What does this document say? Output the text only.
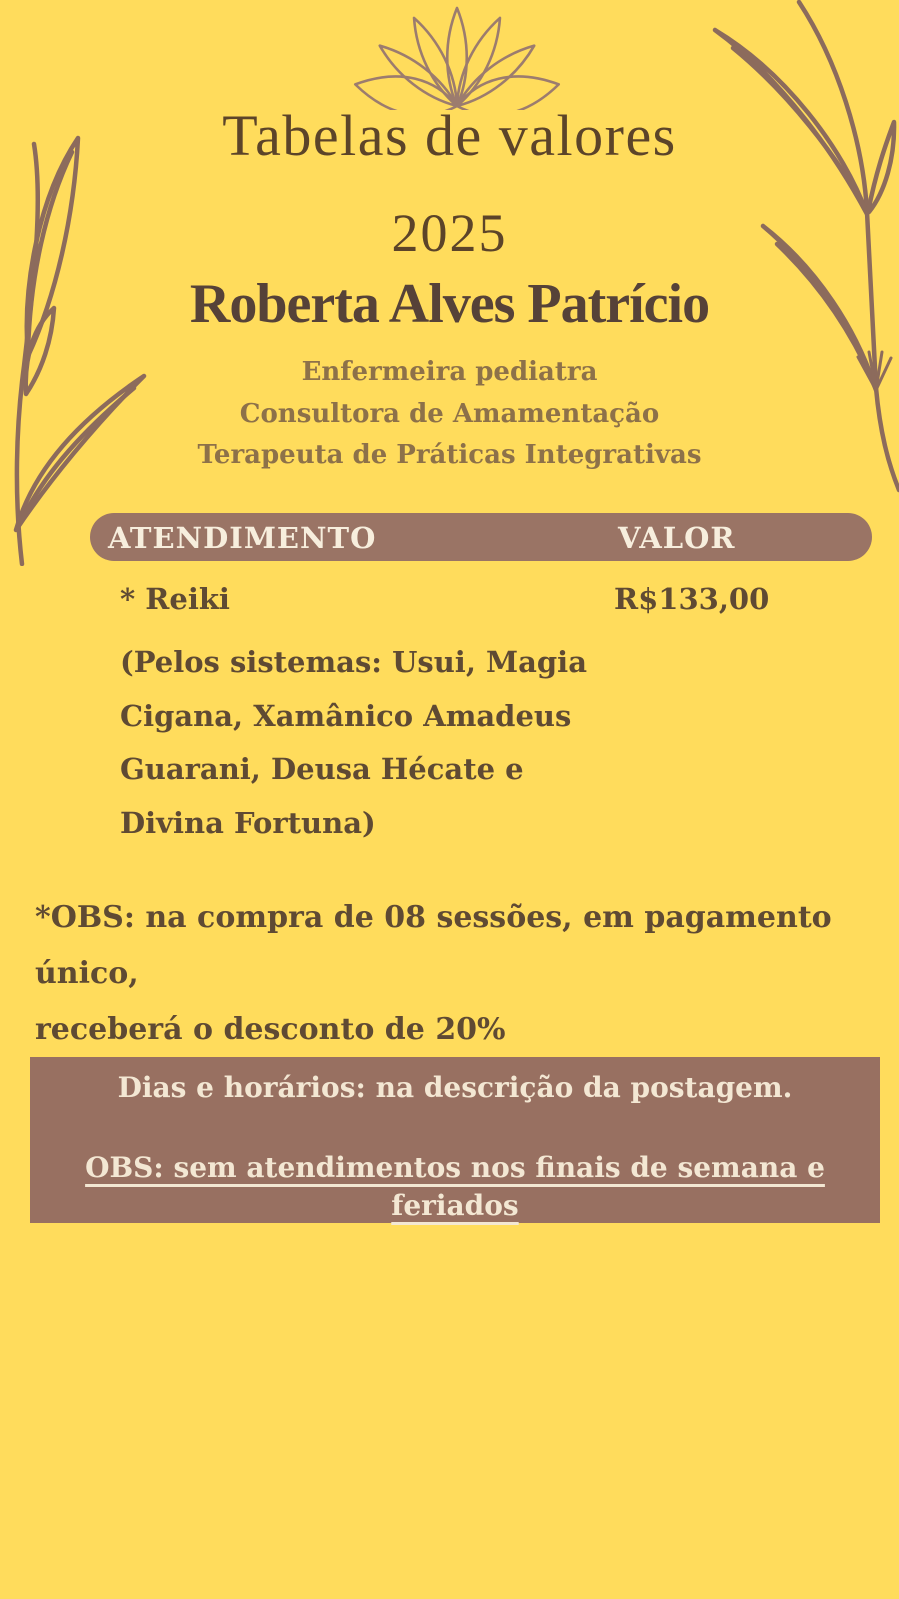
Tabelas de valores
2025
Roberta Alves Patrício
Enfermeira pediatra
Consultora de Amamentação
Terapeuta de Práticas Integrativas
ATENDIMENTO	VALOR
* Reiki	R$133,00
(Pelos sistemas: Usui, Magia
Cigana, Xamânico Amadeus
Guarani, Deusa Hécate e
Divina Fortuna)
*OBS: na compra de 08 sessões, em pagamento único,
receberá o desconto de 20%
Dias e horários: na descrição da postagem.
OBS: sem atendimentos nos finais de semana e
feriados
